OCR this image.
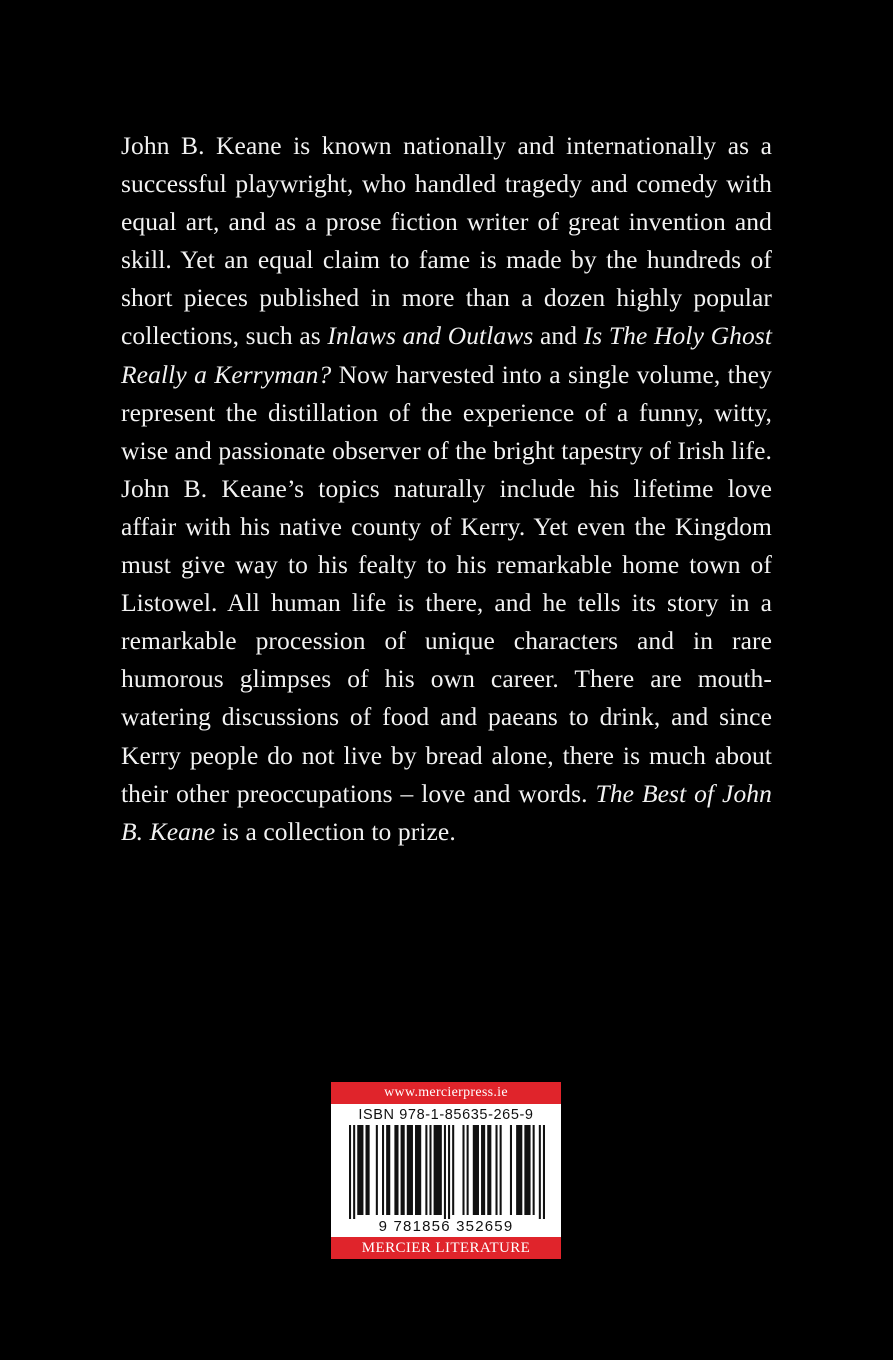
John B. Keane is known nationally and internationally as a successful playwright, who handled tragedy and comedy with equal art, and as a prose fiction writer of great invention and skill. Yet an equal claim to fame is made by the hundreds of short pieces published in more than a dozen highly popular collections, such as Inlaws and Outlaws and Is The Holy Ghost Really a Kerryman? Now harvested into a single volume, they represent the distillation of the experience of a funny, witty, wise and passionate observer of the bright tapestry of Irish life. John B. Keane’s topics naturally include his lifetime love affair with his native county of Kerry. Yet even the Kingdom must give way to his fealty to his remarkable home town of Listowel. All human life is there, and he tells its story in a remarkable procession of unique characters and in rare humorous glimpses of his own career. There are mouth-watering discussions of food and paeans to drink, and since Kerry people do not live by bread alone, there is much about their other preoccupations – love and words. The Best of John B. Keane is a collection to prize.
www.mercierpress.ie
ISBN 978-1-85635-265-9
9 781856 352659
MERCIER LITERATURE
